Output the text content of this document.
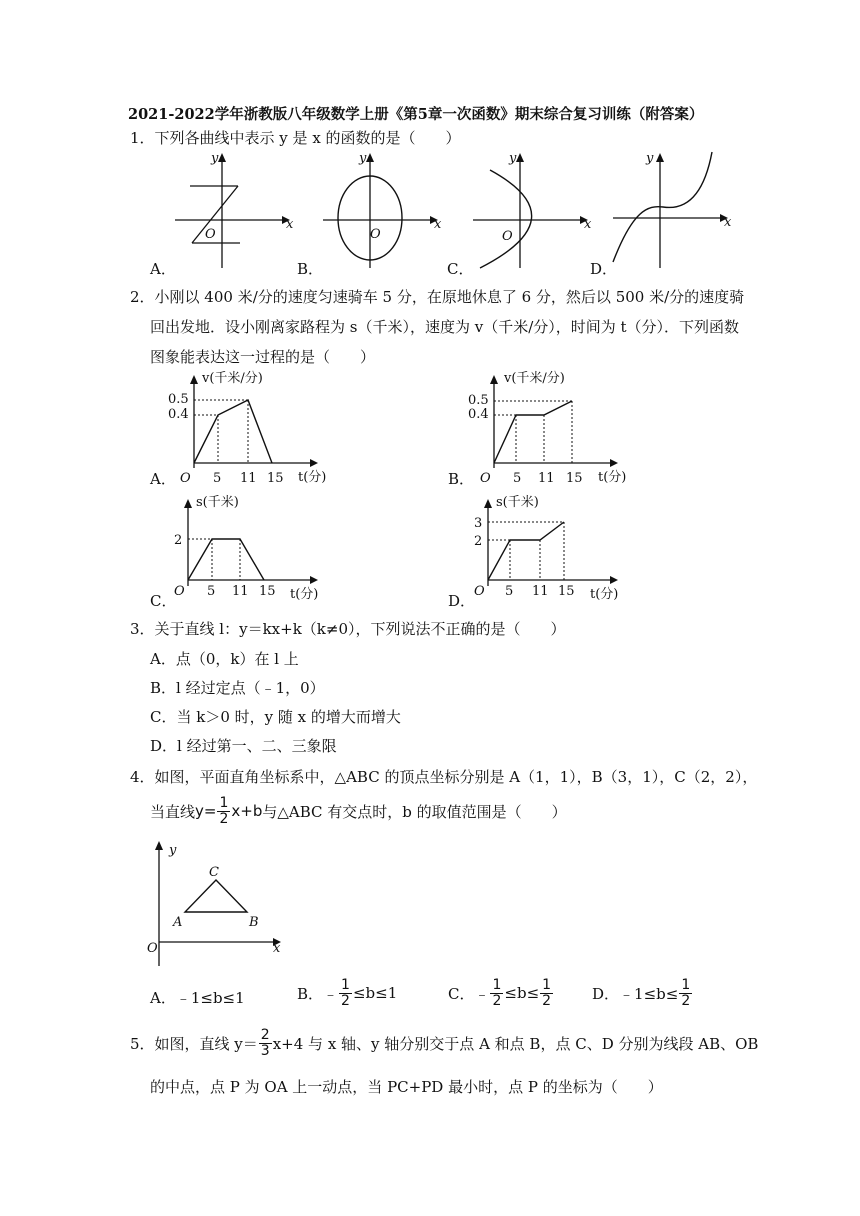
2021-2022学年浙教版八年级数学上册《第5章一次函数》期末综合复习训练（附答案）
1．下列各曲线中表示 y 是 x 的函数的是（　　）
y
x
O
A．
y
x
O
B．
y
x
O
C．
y
x
D．
2．小刚以 400 米/分的速度匀速骑车 5 分，在原地休息了 6 分，然后以 500 米/分的速度骑
回出发地．设小刚离家路程为 s（千米），速度为 v（千米/分），时间为 t（分）．下列函数
图象能表达这一过程的是（　　）
v(千米/分)
t(分)
O
0.5
0.4
5 11 15
A．
v(千米/分)
t(分)
O
0.5
0.4
5 11 15
B．
s(千米)
t(分)
O
2
5 11 15
C．
s(千米)
t(分)
O
3
2
5 11 15
D．
3．关于直线 l：y＝kx+k（k≠0），下列说法不正确的是（　　）
A．点（0，k）在 l 上
B．l 经过定点（﹣1，0）
C．当 k＞0 时，y 随 x 的增大而增大
D．l 经过第一、二、三象限
4．如图，平面直角坐标系中，△ABC 的顶点坐标分别是 A（1，1），B（3，1），C（2，2），
当直线 $y= \frac{1}{2} x+b$ 与△ABC 有交点时，b 的取值范围是（　　）
y
x
O
A	B
C
A．﹣1≤b≤1	B．﹣ $\frac{1}{2} \le b\le 1$	C．﹣ $\frac{1}{2} \le b\le \frac{1}{2}$	D．﹣1≤b≤ $\frac{1}{2}$
5．如图，直线 $y= \frac{2}{3} x+4$ 与 x 轴、y 轴分别交于点 A 和点 B，点 C、D 分别为线段 AB、OB
的中点，点 P 为 OA 上一动点，当 PC+PD 最小时，点 P 的坐标为（　　）
